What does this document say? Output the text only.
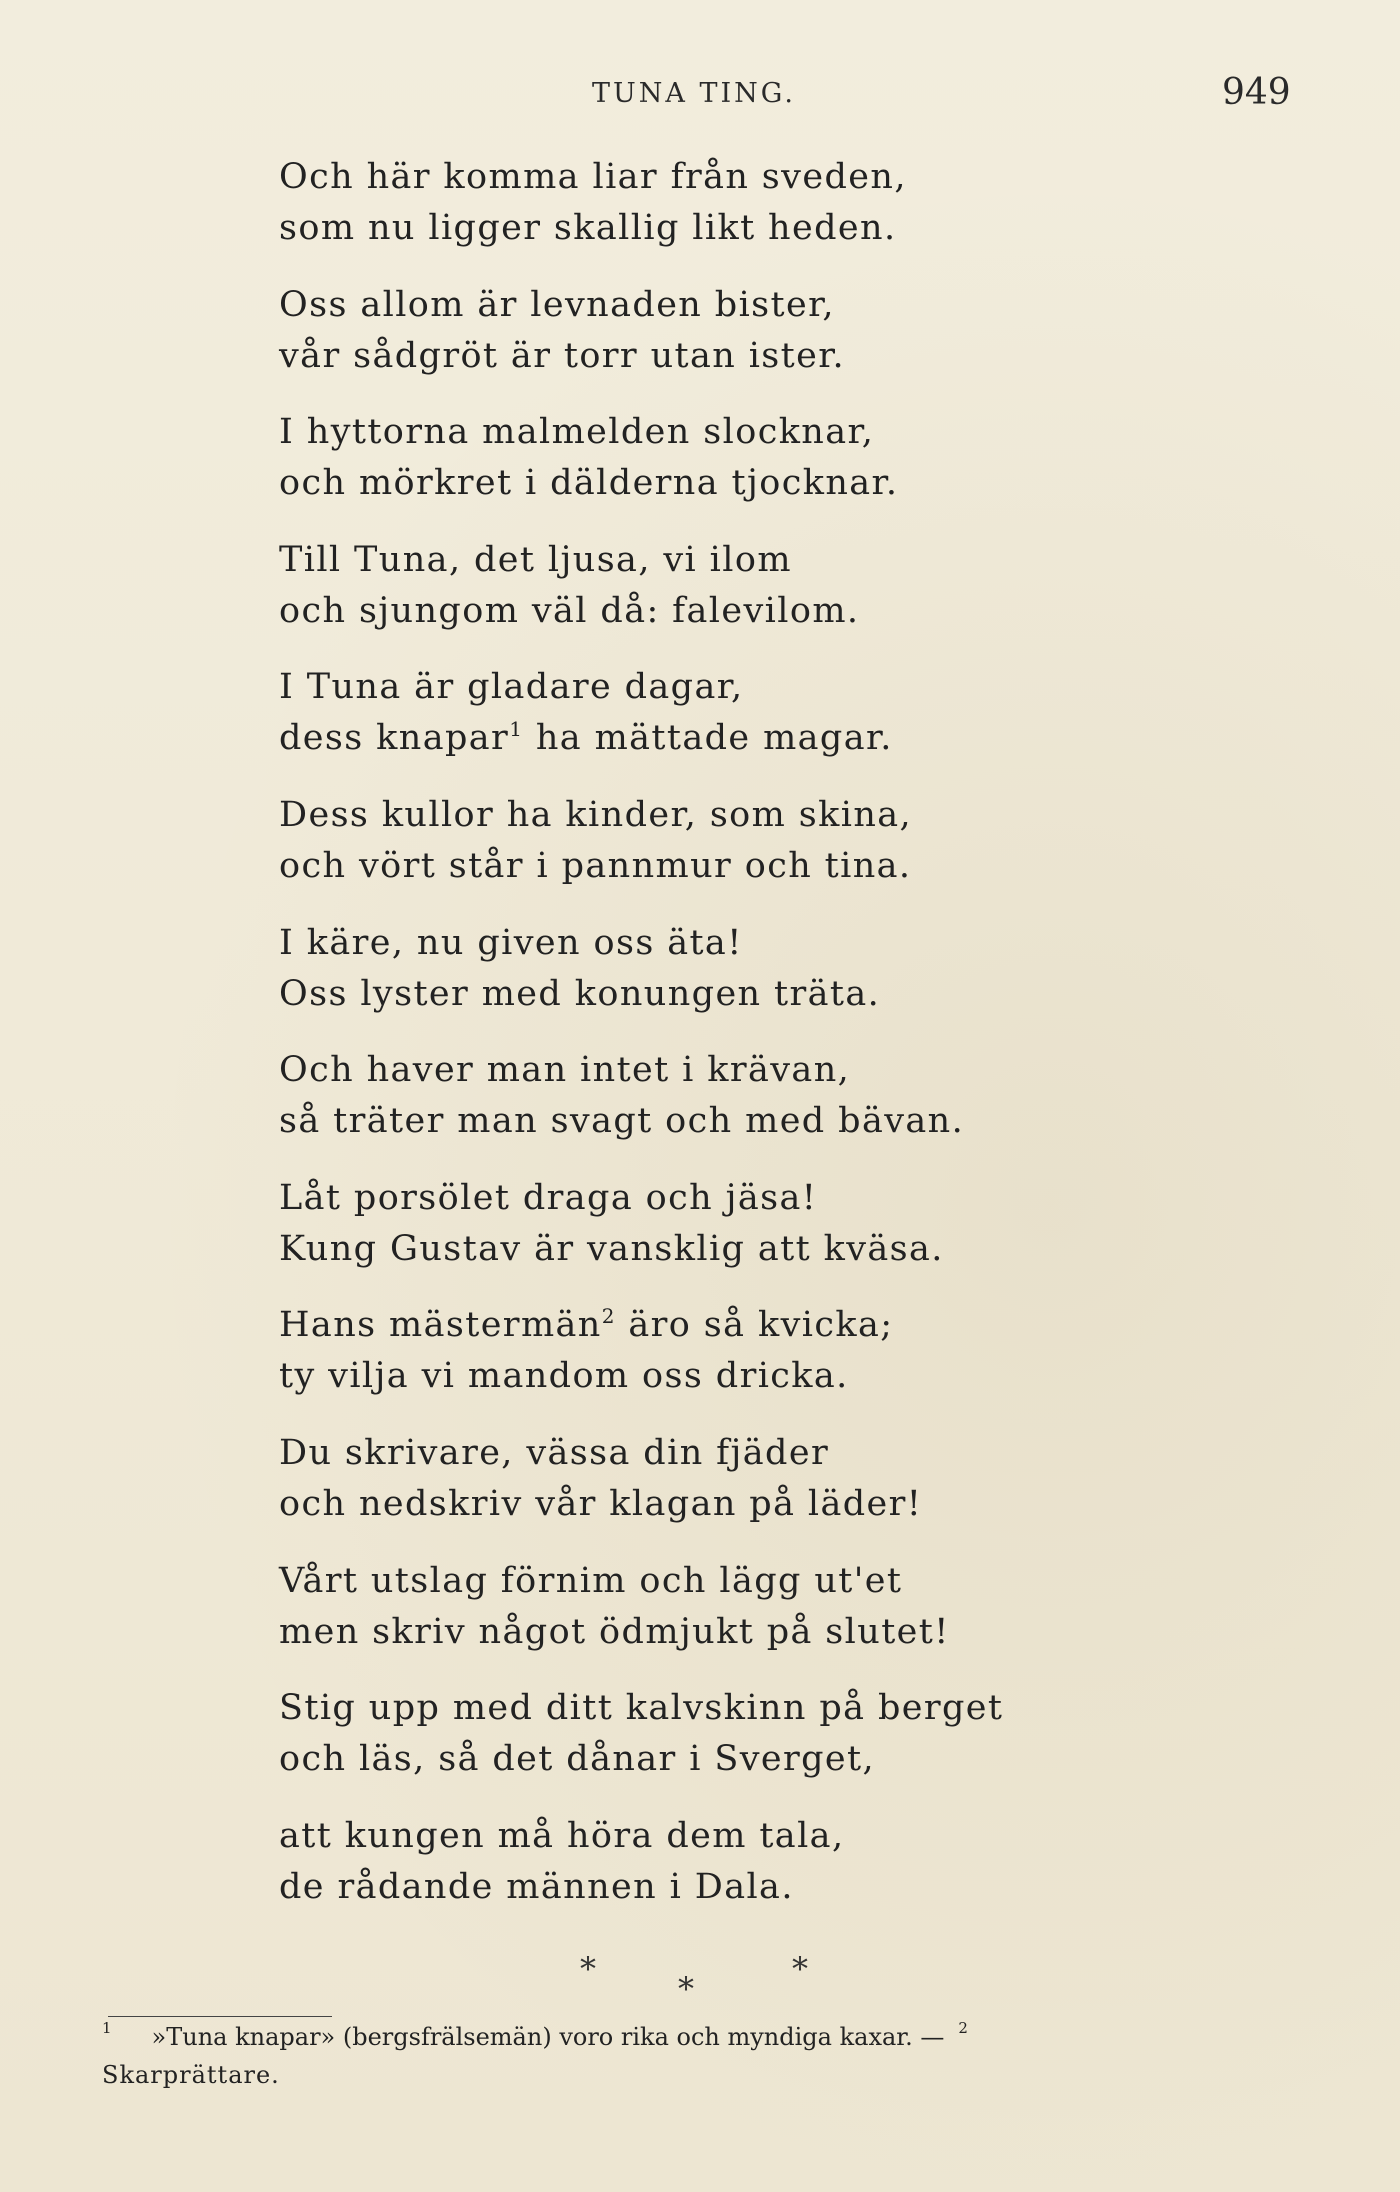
TUNA TING.	949

Och här komma liar från sveden,
som nu ligger skallig likt heden.

Oss allom är levnaden bister,
vår sådgröt är torr utan ister.

I hyttorna malmelden slocknar,
och mörkret i dälderna tjocknar.

Till Tuna, det ljusa, vi ilom
och sjungom väl då: falevilom.

I Tuna är gladare dagar,
dess knapar$^1$ ha mättade magar.

Dess kullor ha kinder, som skina,
och vört står i pannmur och tina.

I käre, nu given oss äta!
Oss lyster med konungen träta.

Och haver man intet i krävan,
så träter man svagt och med bävan.

Låt porsölet draga och jäsa!
Kung Gustav är vansklig att kväsa.

Hans mästermän$^2$ äro så kvicka;
ty vilja vi mandom oss dricka.

Du skrivare, vässa din fjäder
och nedskriv vår klagan på läder!

Vårt utslag förnim och lägg ut'et
men skriv något ödmjukt på slutet!

Stig upp med ditt kalvskinn på berget
och läs, så det dånar i Sverget,

att kungen må höra dem tala,
de rådande männen i Dala.

*
*
*
$^1$ »Tuna knapar» (bergsfrälsemän) voro rika och myndiga kaxar. — $^2$
Skarprättare.
